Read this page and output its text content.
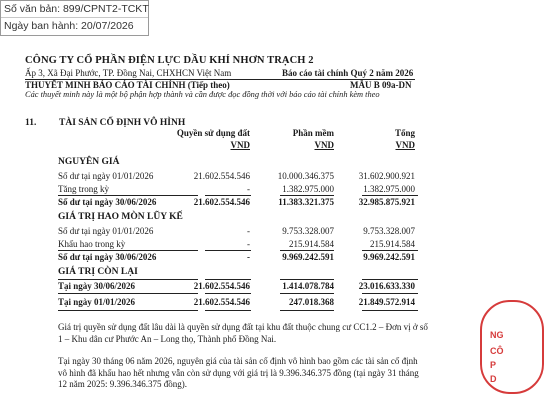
Số văn bản: 899/CPNT2-TCKT
Ngày ban hành: 20/07/2026
CÔNG TY CỔ PHẦN ĐIỆN LỰC DẦU KHÍ NHƠN TRẠCH 2
Ấp 3, Xã Đại Phước, TP. Đồng Nai, CHXHCN Việt Nam	Báo cáo tài chính Quý 2 năm 2026
THUYẾT MINH BÁO CÁO TÀI CHÍNH (Tiếp theo)	MẪU B 09a-DN
Các thuyết minh này là một bộ phận hợp thành và cần được đọc đồng thời với báo cáo tài chính kèm theo
11. TÀI SẢN CỐ ĐỊNH VÔ HÌNH
Quyền sử dụng đất
VND
Phần mềm
VND
Tổng
VND
NGUYÊN GIÁ
Số dư tại ngày 01/01/2026	21.602.554.546	10.000.346.375	31.602.900.921
Tăng trong kỳ	-	1.382.975.000	1.382.975.000
Số dư tại ngày 30/06/2026	21.602.554.546	11.383.321.375	32.985.875.921
GIÁ TRỊ HAO MÒN LŨY KẾ
Số dư tại ngày 01/01/2026	-	9.753.328.007	9.753.328.007
Khấu hao trong kỳ	-	215.914.584	215.914.584
Số dư tại ngày 30/06/2026	-	9.969.242.591	9.969.242.591
GIÁ TRỊ CÒN LẠI
Tại ngày 30/06/2026	21.602.554.546	1.414.078.784	23.016.633.330
Tại ngày 01/01/2026	21.602.554.546	247.018.368	21.849.572.914
Giá trị quyền sử dụng đất lâu dài là quyền sử dụng đất tại khu đất thuộc chung cư CC1.2 – Đơn vị ở số 1 – Khu dân cư Phước An – Long thọ, Thành phố Đồng Nai.
Tại ngày 30 tháng 06 năm 2026, nguyên giá của tài sản cố định vô hình bao gồm các tài sản cố định vô hình đã khấu hao hết nhưng vẫn còn sử dụng với giá trị là 9.396.346.375 đồng (tại ngày 31 tháng 12 năm 2025: 9.396.346.375 đồng).
NG
CÔ
P
D
